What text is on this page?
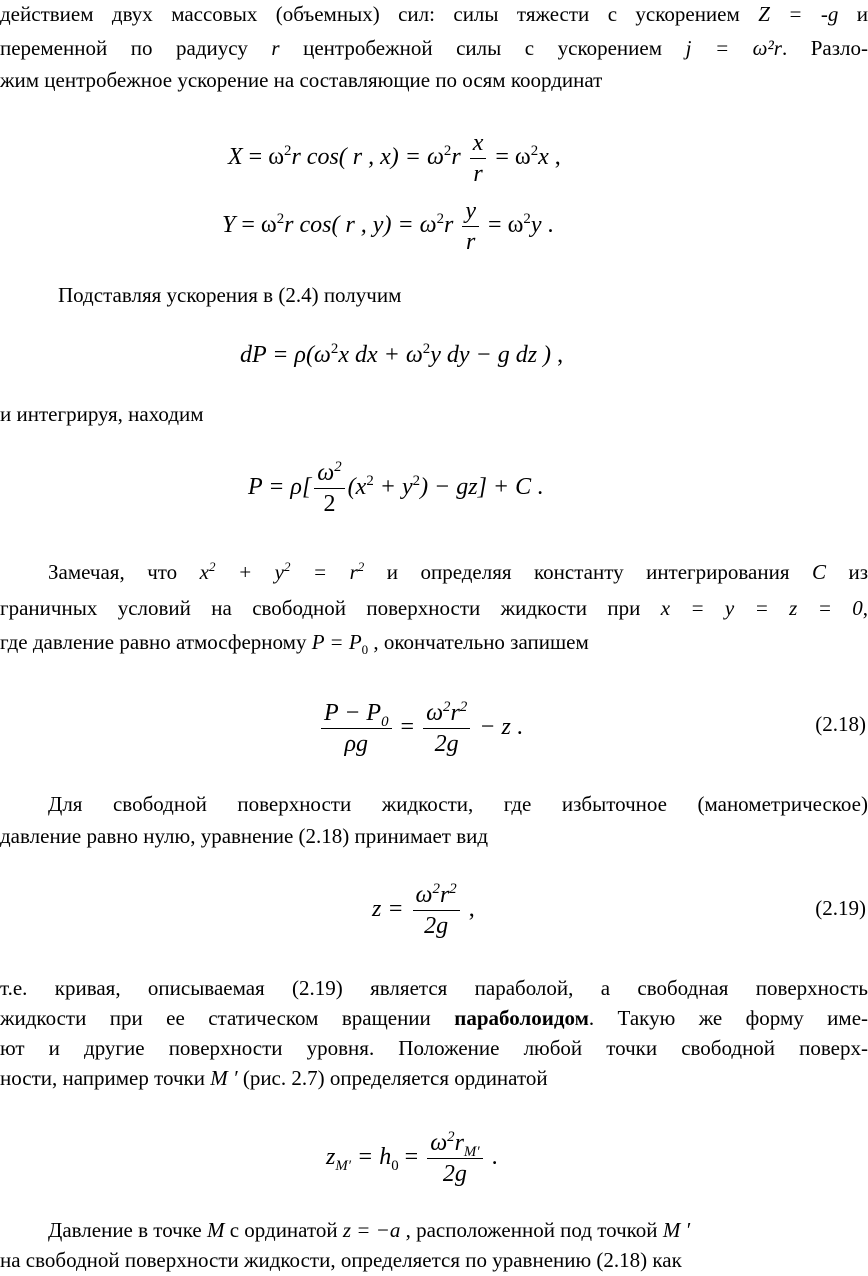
действием двух массовых (объемных) сил: силы тяжести с ускорением Z = -g и
переменной по радиусу r центробежной силы с ускорением j = ω²r. Разло-
жим центробежное ускорение на составляющие по осям координат
$X = \omega^2r$ cos( r , $x) = \omega^2r \frac{x}{r} = \omega^2x$ ,
$Y = \omega^2r$ cos( r , $y) = \omega^2r \frac{y}{r} = \omega^2y$ .
Подставляя ускорения в (2.4) получим
dP = $\rho(\omega^2x$ dx + $\omega^2y$ dy − g dz ) ,
и интегрируя, находим
$P = \rho[ \frac{\omega^2}{2} (x^2 + y^2) - gz] + C$ .
Замечая, что $x^2 + y^2 = r^2$ и определяя константу интегрирования C из
граничных условий на свободной поверхности жидкости при x = y = z = 0,
где давление равно атмосферному $P = P_0$ , окончательно запишем
$\frac{P - P_0}{\rho g} = \frac{\omega^2r^2}{2g} - z$ .	(2.18)
Для свободной поверхности жидкости, где избыточное (манометрическое)
давление равно нулю, уравнение (2.18) принимает вид
$z = \frac{\omega^2r^2}{2g}$ ,	(2.19)
т.е. кривая, описываемая (2.19) является параболой, а свободная поверхность
жидкости при ее статическом вращении параболоидом. Такую же форму име-
ют и другие поверхности уровня. Положение любой точки свободной поверх-
ности, например точки M ′ (рис. 2.7) определяется ординатой
$z_{M'} = h_0 = \frac{\omega^2r_{M'}}{2g}$ .
Давление в точке M с ординатой z = −a , расположенной под точкой M ′
на свободной поверхности жидкости, определяется по уравнению (2.18) как
